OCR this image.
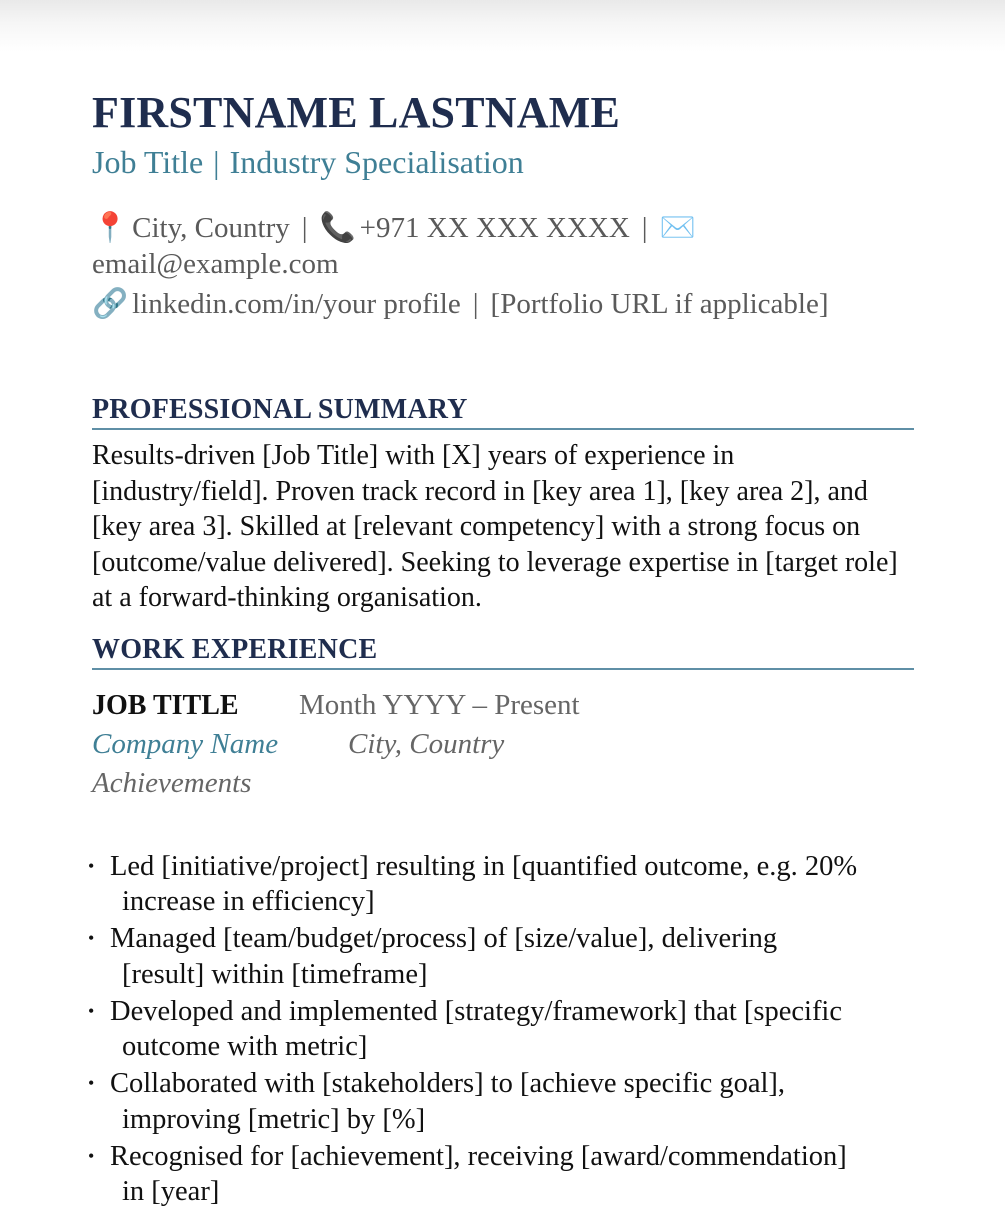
FIRSTNAME LASTNAME
Job Title | Industry Specialisation
📍 City, Country | 📞 +971 XX XXX XXXX | ✉️
email@example.com
🔗 linkedin.com/in/your profile | [Portfolio URL if applicable]
PROFESSIONAL SUMMARY
Results-driven [Job Title] with [X] years of experience in [industry/field]. Proven track record in [key area 1], [key area 2], and [key area 3]. Skilled at [relevant competency] with a strong focus on [outcome/value delivered]. Seeking to leverage expertise in [target role] at a forward-thinking organisation.
WORK EXPERIENCE
JOB TITLE Month YYYY – Present
Company Name City, Country
Achievements
• Led [initiative/project] resulting in [quantified outcome, e.g. 20%
increase in efficiency]
• Managed [team/budget/process] of [size/value], delivering
[result] within [timeframe]
• Developed and implemented [strategy/framework] that [specific
outcome with metric]
• Collaborated with [stakeholders] to [achieve specific goal],
improving [metric] by [%]
• Recognised for [achievement], receiving [award/commendation]
in [year]
